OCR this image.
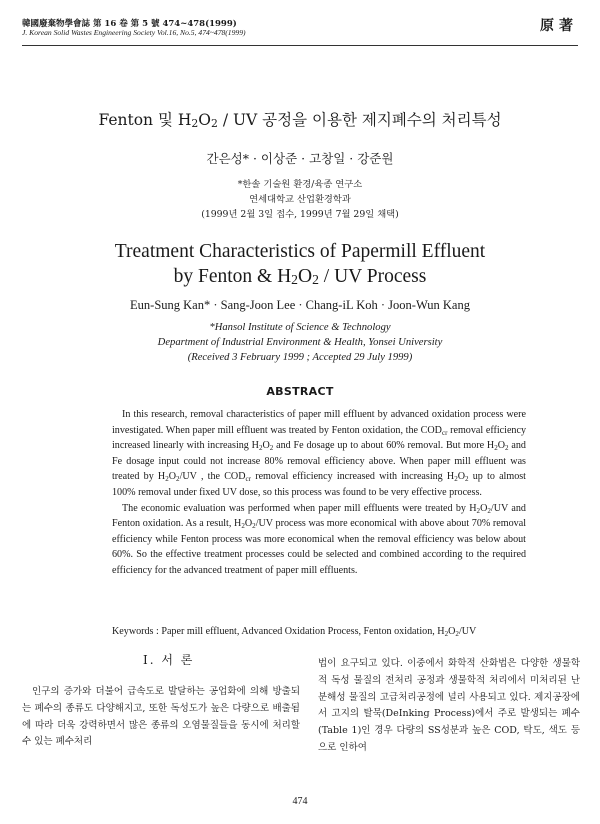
韓國廢棄物學會誌 第 16 卷 第 5 號 474~478(1999)
J. Korean Solid Wastes Engineering Society Vol.16, No.5, 474~478(1999)	原著
Fenton 및 $H_2O_2$ / UV 공정을 이용한 제지폐수의 처리특성
간은성* · 이상준 · 고창일 · 강준원
*한솔 기술원 환경/육종 연구소
연세대학교 산업환경학과
(1999년 2월 3일 접수, 1999년 7월 29일 채택)
Treatment Characteristics of Papermill Effluent
by Fenton & $H_2O_2$ / UV Process
Eun-Sung Kan* · Sang-Joon Lee · Chang-iL Koh · Joon-Wun Kang
*Hansol Institute of Science & Technology
Department of Industrial Environment & Health, Yonsei University
(Received 3 February 1999 ; Accepted 29 July 1999)
ABSTRACT

In this research, removal characteristics of paper mill effluent by advanced oxidation process were investigated. When paper mill effluent was treated by Fenton oxidation, the $COD_{cr}$ removal efficiency increased linearly with increasing $H_2O_2$ and Fe dosage up to about 60% removal. But more $H_2O_2$ and Fe dosage input could not increase 80% removal efficiency above. When paper mill effluent was treated by $H_2O_2/UV$ , the $COD_{cr}$ removal efficiency increased with increasing $H_2O_2$ up to almost 100% removal under fixed UV dose, so this process was found to be very effective process.

The economic evaluation was performed when paper mill effluents were treated by $H_2O_2/UV$ and Fenton oxidation. As a result, $H_2O_2/UV$ process was more economical with above about 70% removal efficiency while Fenton process was more economical when the removal efficiency was below about 60%. So the effective treatment processes could be selected and combined according to the required efficiency for the advanced treatment of paper mill effluents.

Keywords : Paper mill effluent, Advanced Oxidation Process, Fenton oxidation, $H_2O_2/UV$
Ⅰ. 서 론

인구의 증가와 더불어 급속도로 발달하는 공업화에 의해 방출되는 폐수의 종류도 다양해지고, 또한 독성도가 높은 다량으로 배출됨에 따라 더욱 강력하면서 많은 종류의 오염물질들을 동시에 처리할 수 있는 폐수처리

법이 요구되고 있다. 이중에서 화학적 산화법은 다양한 생물학적 독성 물질의 전처리 공정과 생물학적 처리에서 미처리된 난분해성 물질의 고급처리공정에 널리 사용되고 있다. 제지공장에서 고지의 탈묵(DeInking Process)에서 주로 발생되는 폐수(Table 1)인 경우 다량의 SS성분과 높은 COD, 탁도, 색도 등으로 인하여

474
